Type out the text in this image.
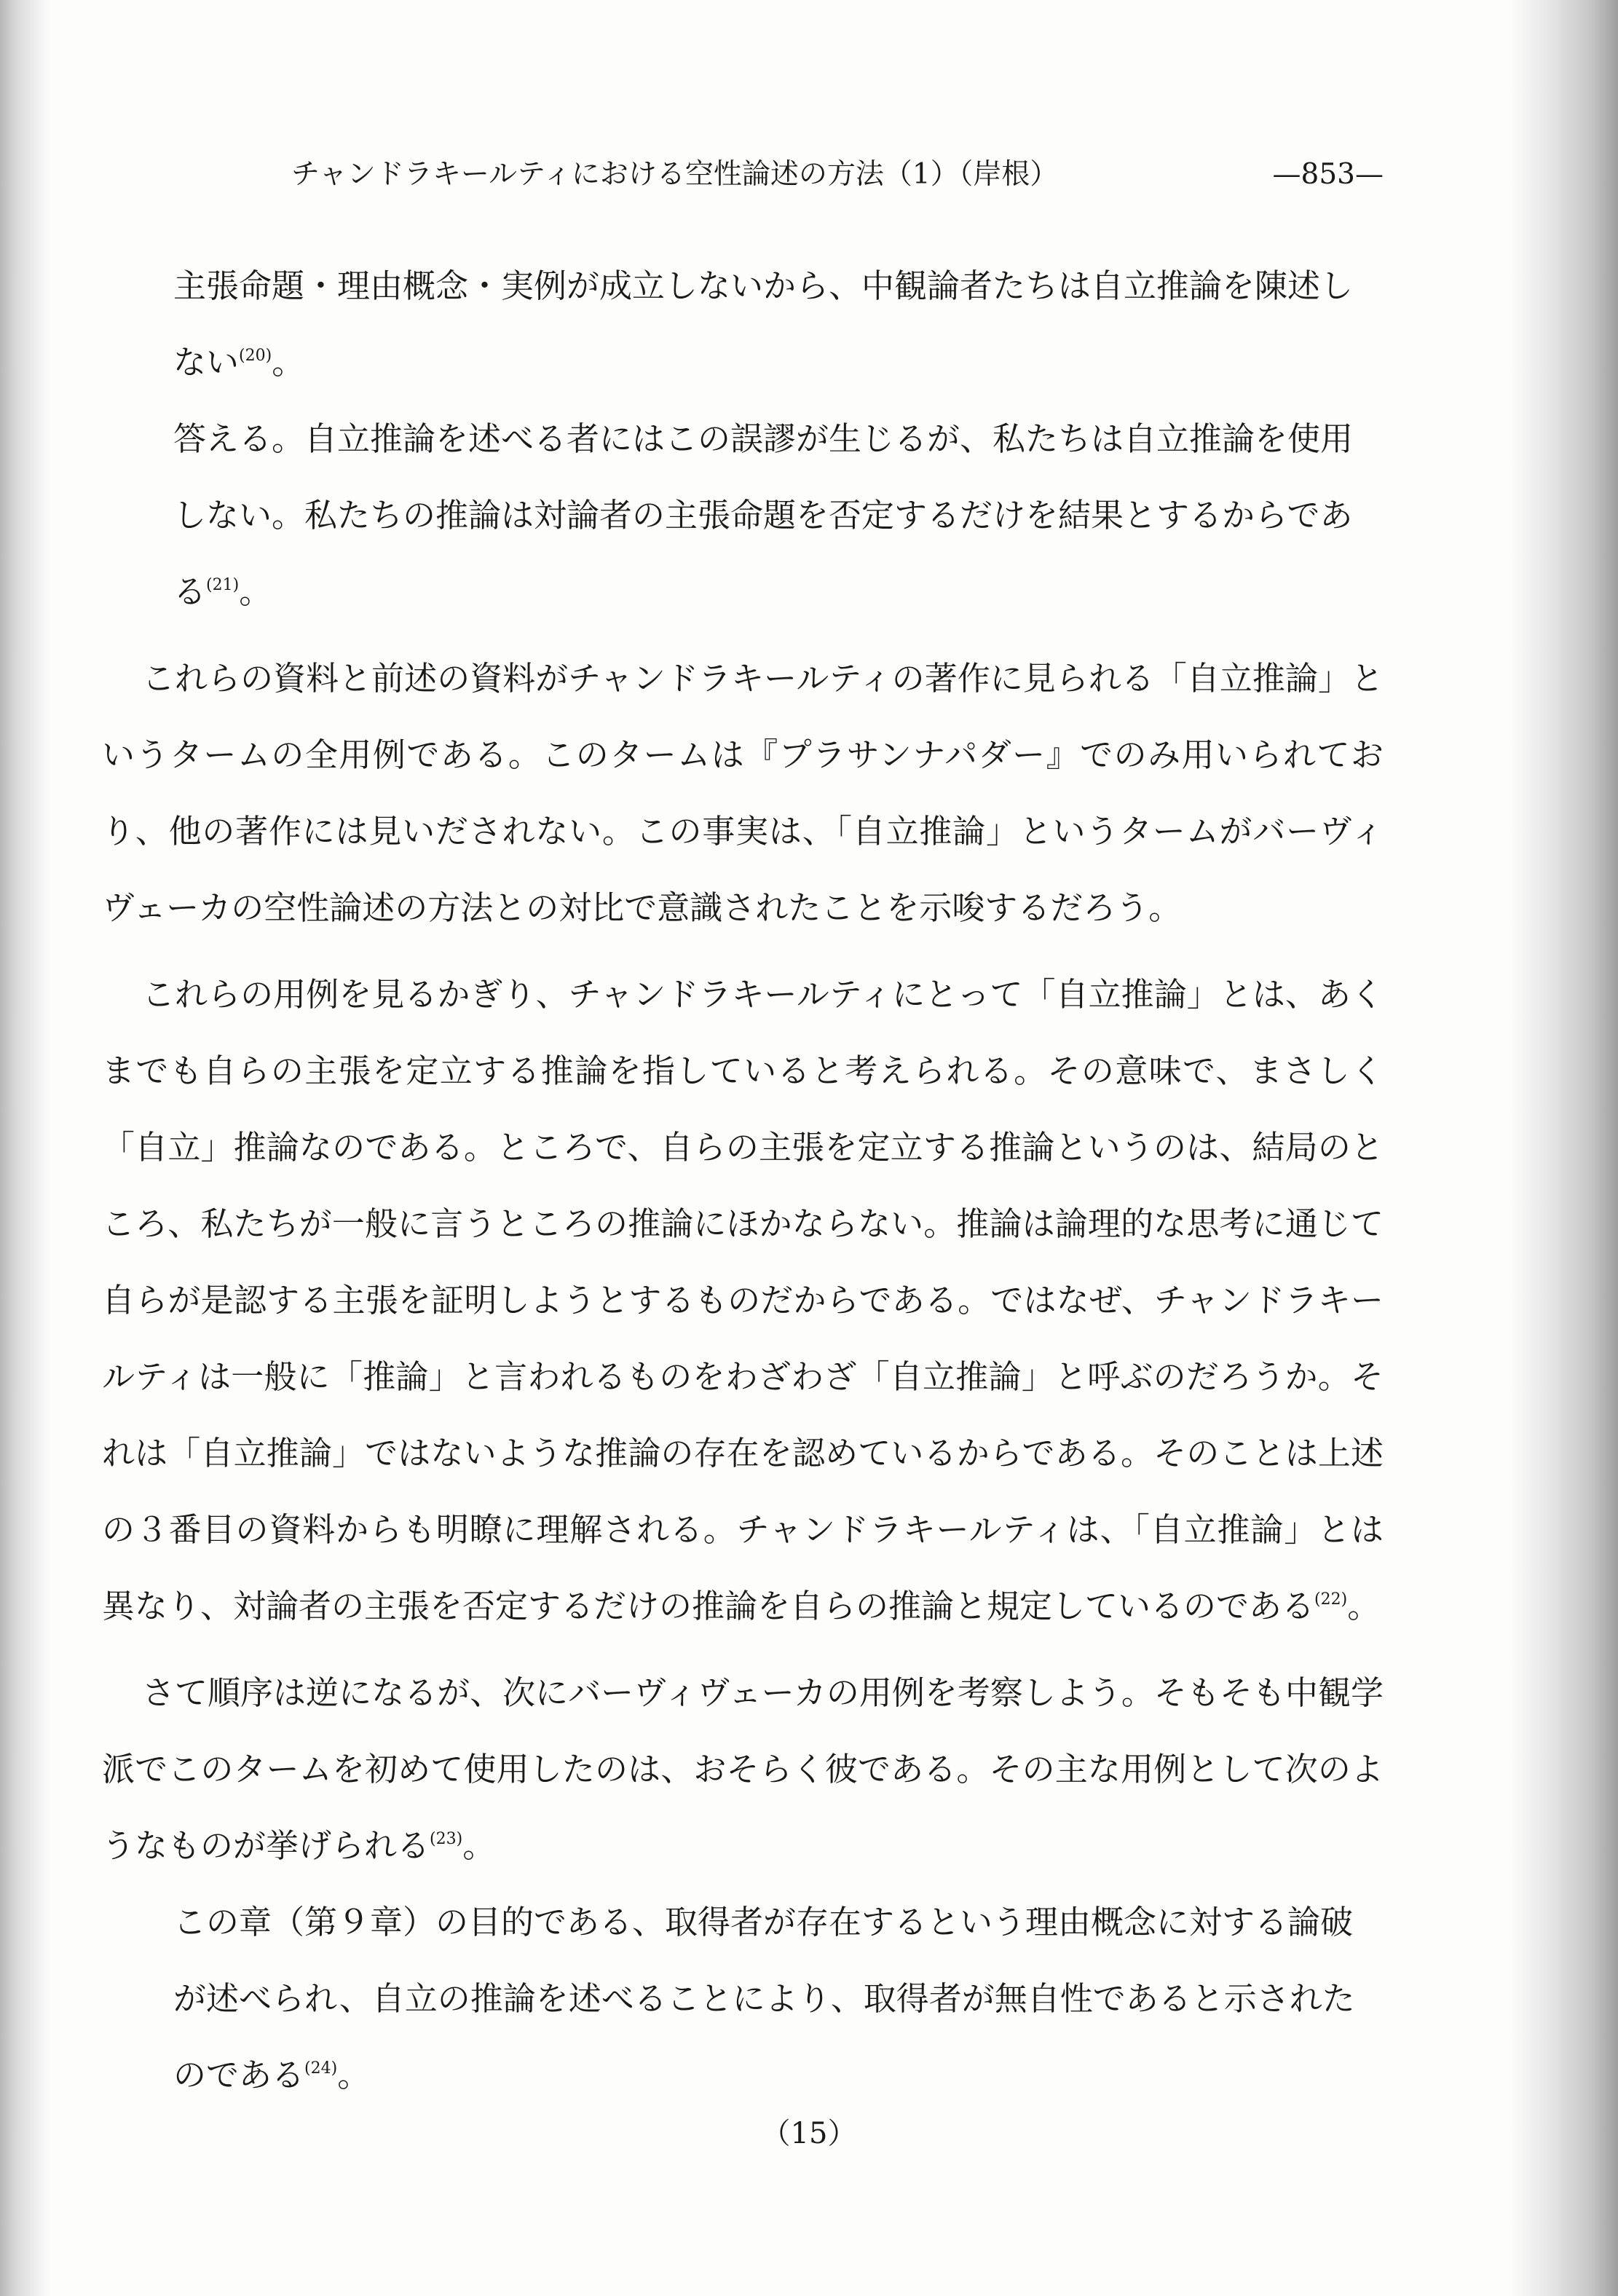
チャンドラキールティにおける空性論述の方法（1）（岸根）	—853—

主張命題・理由概念・実例が成立しないから、中観論者たちは自立推論を陳述しない$^{(20)}$。

答える。自立推論を述べる者にはこの誤謬が生じるが、私たちは自立推論を使用しない。私たちの推論は対論者の主張命題を否定するだけを結果とするからである$^{(21)}$。

これらの資料と前述の資料がチャンドラキールティの著作に見られる「自立推論」というタームの全用例である。このタームは『プラサンナパダー』でのみ用いられており、他の著作には見いだされない。この事実は、「自立推論」というタームがバーヴィヴェーカの空性論述の方法との対比で意識されたことを示唆するだろう。

これらの用例を見るかぎり、チャンドラキールティにとって「自立推論」とは、あくまでも自らの主張を定立する推論を指していると考えられる。その意味で、まさしく「自立」推論なのである。ところで、自らの主張を定立する推論というのは、結局のところ、私たちが一般に言うところの推論にほかならない。推論は論理的な思考に通じて自らが是認する主張を証明しようとするものだからである。ではなぜ、チャンドラキールティは一般に「推論」と言われるものをわざわざ「自立推論」と呼ぶのだろうか。それは「自立推論」ではないような推論の存在を認めているからである。そのことは上述の３番目の資料からも明瞭に理解される。チャンドラキールティは、「自立推論」とは異なり、対論者の主張を否定するだけの推論を自らの推論と規定しているのである$^{(22)}$。

さて順序は逆になるが、次にバーヴィヴェーカの用例を考察しよう。そもそも中観学派でこのタームを初めて使用したのは、おそらく彼である。その主な用例として次のようなものが挙げられる$^{(23)}$。

この章（第９章）の目的である、取得者が存在するという理由概念に対する論破が述べられ、自立の推論を述べることにより、取得者が無自性であると示されたのである$^{(24)}$。

（15）
